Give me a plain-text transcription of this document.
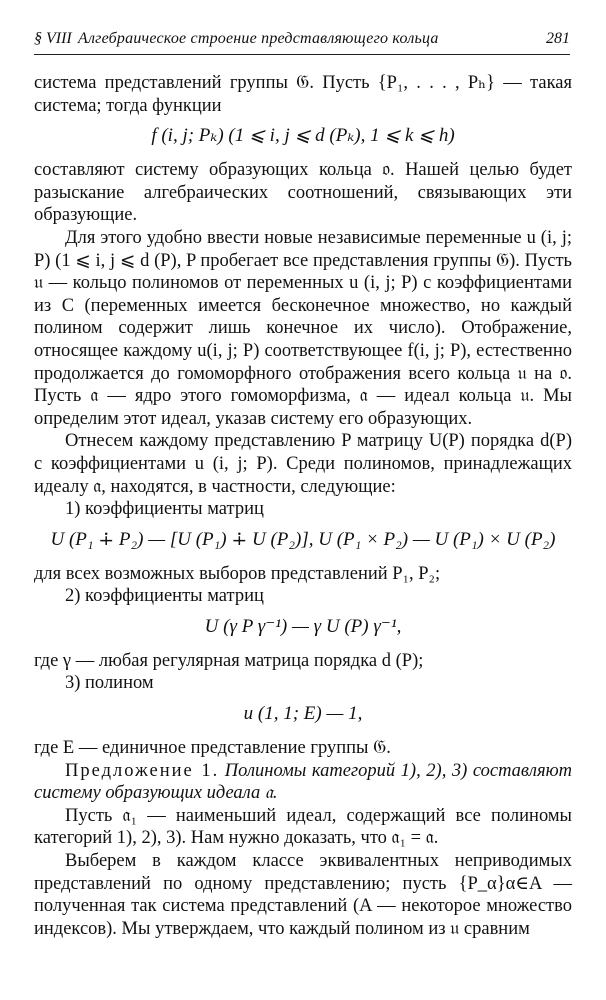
§ VIII Алгебраическое строение представляющего кольца	281

система представлений группы 𝔊. Пусть {P₁, . . . , Pₕ} — такая система; тогда функции

f (i, j; Pₖ) (1 ⩽ i, j ⩽ d (Pₖ), 1 ⩽ k ⩽ h)

составляют систему образующих кольца 𝔬. Нашей целью будет разыскание алгебраических соотношений, связывающих эти образующие.

Для этого удобно ввести новые независимые переменные u (i, j; P) (1 ⩽ i, j ⩽ d (P), P пробегает все представления группы 𝔊). Пусть 𝔲 — кольцо полиномов от переменных u (i, j; P) с коэффициентами из C (переменных имеется бесконечное множество, но каждый полином содержит лишь конечное их число). Отображение, относящее каждому u(i, j; P) соответствующее f(i, j; P), естественно продолжается до гомоморфного отображения всего кольца 𝔲 на 𝔬. Пусть 𝔞 — ядро этого гомоморфизма, 𝔞 — идеал кольца 𝔲. Мы определим этот идеал, указав систему его образующих.

Отнесем каждому представлению P матрицу U(P) порядка d(P) с коэффициентами u (i, j; P). Среди полиномов, принадлежащих идеалу 𝔞, находятся, в частности, следующие:

1) коэффициенты матриц

U (P₁ ∔ P₂) — [U (P₁) ∔ U (P₂)], U (P₁ × P₂) — U (P₁) × U (P₂)

для всех возможных выборов представлений P₁, P₂;

2) коэффициенты матриц

U (γ P γ⁻¹) — γ U (P) γ⁻¹,

где γ — любая регулярная матрица порядка d (P);

3) полином

u (1, 1; E) — 1,

где E — единичное представление группы 𝔊.

Предложение 1. Полиномы категорий 1), 2), 3) составляют систему образующих идеала 𝔞.

Пусть 𝔞₁ — наименьший идеал, содержащий все полиномы категорий 1), 2), 3). Нам нужно доказать, что 𝔞₁ = 𝔞.

Выберем в каждом классе эквивалентных неприводимых представлений по одному представлению; пусть {P_α}α∈A — полученная так система представлений (A — некоторое множество индексов). Мы утверждаем, что каждый полином из 𝔲 сравним
